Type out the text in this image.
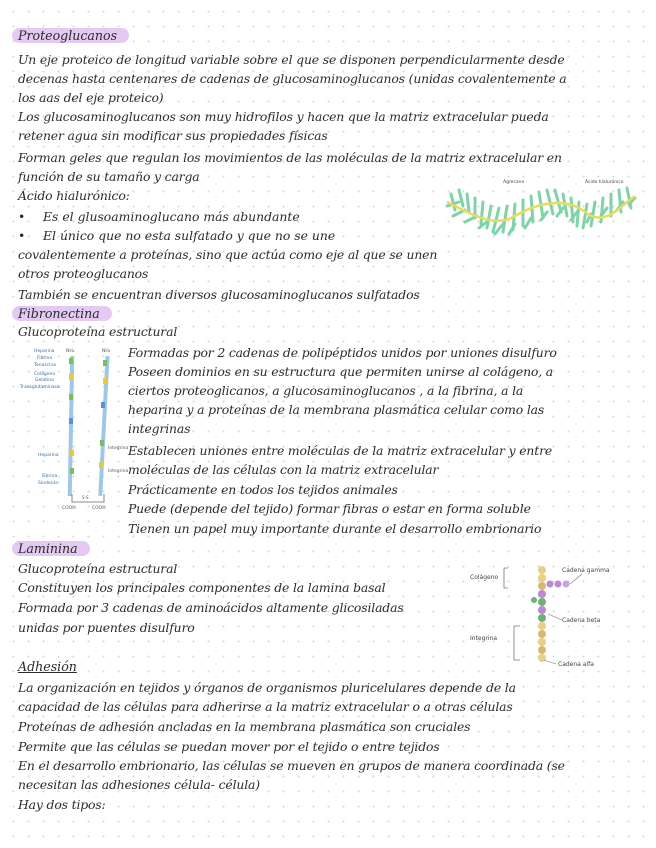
Proteoglucanos
Un eje proteico de longitud variable sobre el que se disponen perpendicularmente desde
decenas hasta centenares de cadenas de glucosaminoglucanos (unidas covalentemente a
los aas del eje proteico)
Los glucosaminoglucanos son muy hidrofilos y hacen que la matriz extracelular pueda
retener agua sin modificar sus propiedades físicas
Forman geles que regulan los movimientos de las moléculas de la matriz extracelular en
función de su tamaño y carga
Ácido hialurónico:
• Es el glusoaminoglucano más abundante
• El único que no esta sulfatado y que no se une
covalentemente a proteínas, sino que actúa como eje al que se unen
otros proteoglucanos
También se encuentran diversos glucosaminoglucanos sulfatados
Agrecano	Ácido hialurónico
Fibronectina
Glucoproteína estructural
Formadas por 2 cadenas de polipéptidos unidos por uniones disulfuro
Poseen dominios en su estructura que permiten unirse al colágeno, a
ciertos proteoglicanos, a glucosaminoglucanos , a la fibrina, a la
heparina y a proteínas de la membrana plasmática celular como las
integrinas
Establecen uniones entre moléculas de la matriz extracelular y entre
moléculas de las células con la matriz extracelular
Prácticamente en todos los tejidos animales
Puede (depende del tejido) formar fibras o estar en forma soluble
Tienen un papel muy importante durante el desarrollo embrionario
Heparina
Fibrina
Tenascina
Colágeno
Gelatina
Transglutaminasa
NH₂	NH₂
Integrina
Integrina
Heparina
Fibrina
Sindecán
S-S
COOH	COOH
Laminina
Glucoproteína estructural
Constituyen los principales componentes de la lamina basal
Formada por 3 cadenas de aminoácidos altamente glicosiladas
unidas por puentes disulfuro
Colágeno
Integrina
Cadena gamma
Cadena beta
Cadena alfa
Adhesión
La organización en tejidos y órganos de organismos pluricelulares depende de la
capacidad de las células para adherirse a la matriz extracelular o a otras células
Proteínas de adhesión ancladas en la membrana plasmática son cruciales
Permite que las células se puedan mover por el tejido o entre tejidos
En el desarrollo embrionario, las células se mueven en grupos de manera coordinada (se
necesitan las adhesiones célula- célula)
Hay dos tipos:
